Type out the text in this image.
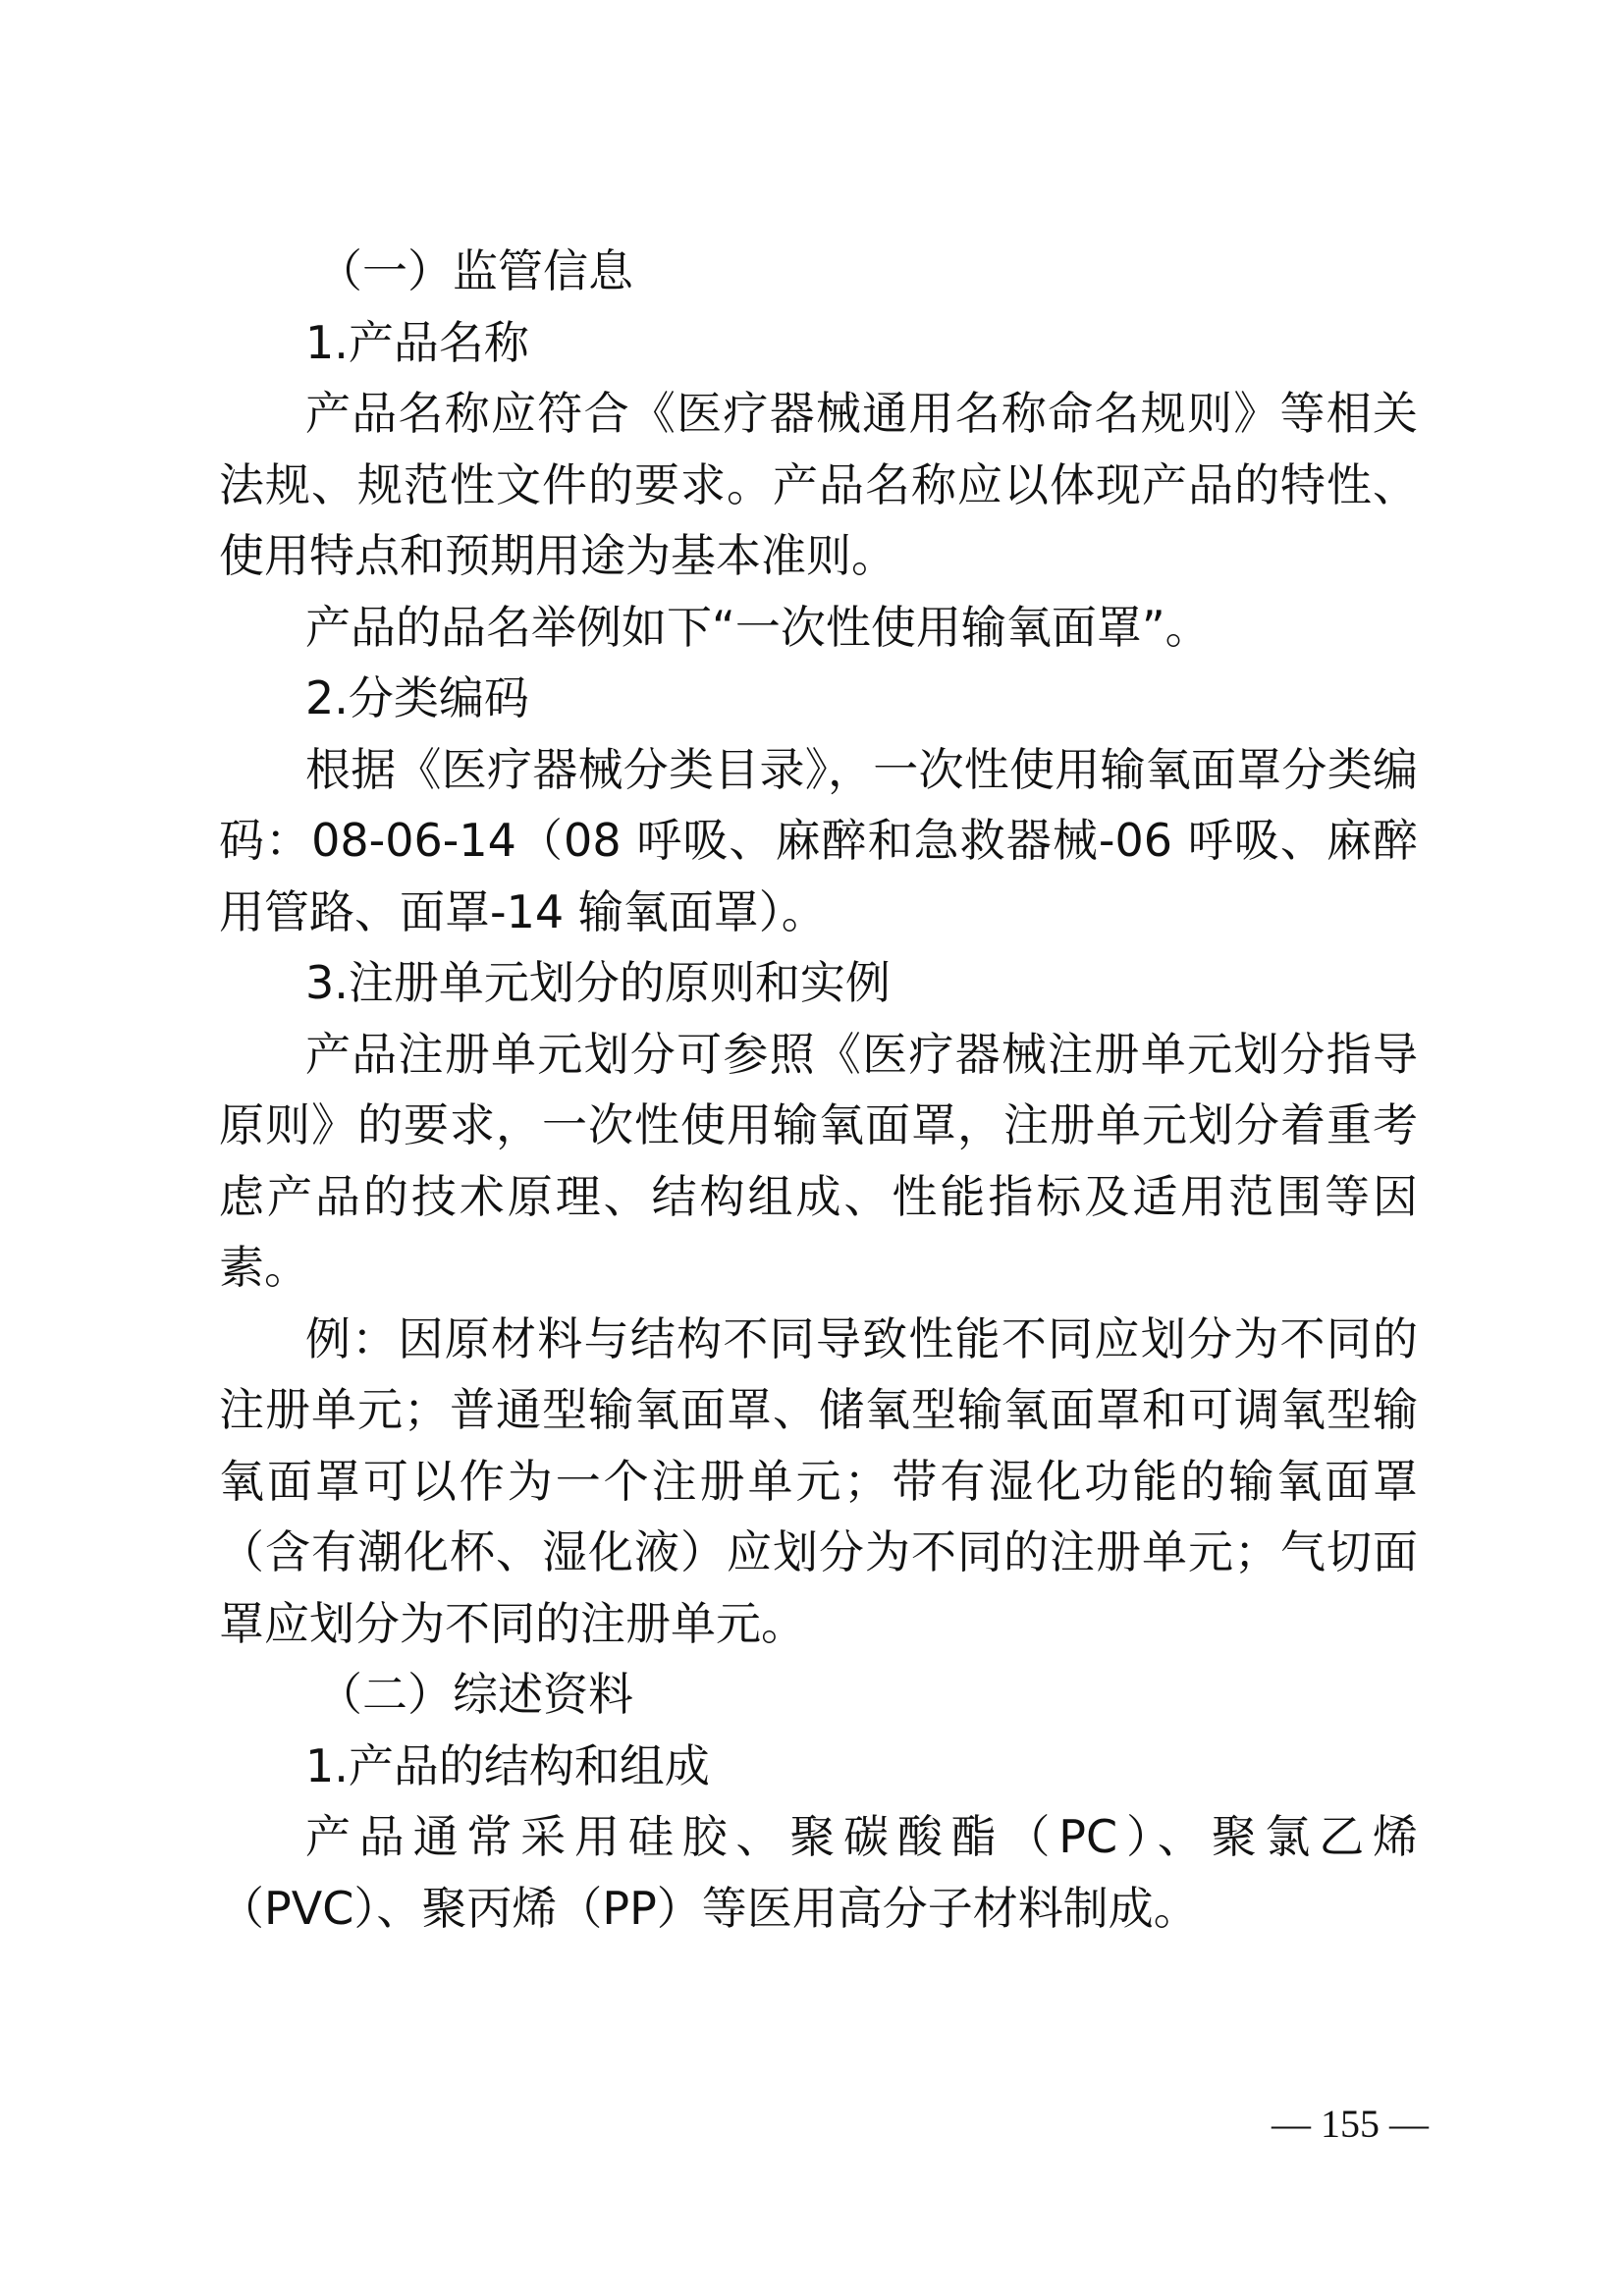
（一）监管信息

1.产品名称

产品名称应符合《医疗器械通用名称命名规则》等相关法规、规范性文件的要求。产品名称应以体现产品的特性、使用特点和预期用途为基本准则。

产品的品名举例如下“一次性使用输氧面罩”。

2.分类编码

根据《医疗器械分类目录》，一次性使用输氧面罩分类编码：08-06-14（08 呼吸、麻醉和急救器械-06 呼吸、麻醉用管路、面罩-14 输氧面罩）。

3.注册单元划分的原则和实例

产品注册单元划分可参照《医疗器械注册单元划分指导原则》的要求，一次性使用输氧面罩，注册单元划分着重考虑产品的技术原理、结构组成、性能指标及适用范围等因素。

例：因原材料与结构不同导致性能不同应划分为不同的注册单元；普通型输氧面罩、储氧型输氧面罩和可调氧型输氧面罩可以作为一个注册单元；带有湿化功能的输氧面罩（含有潮化杯、湿化液）应划分为不同的注册单元；气切面罩应划分为不同的注册单元。

（二）综述资料

1.产品的结构和组成

产品通常采用硅胶、聚碳酸酯（PC）、聚氯乙烯（PVC）、聚丙烯（PP）等医用高分子材料制成。

— 155 —
